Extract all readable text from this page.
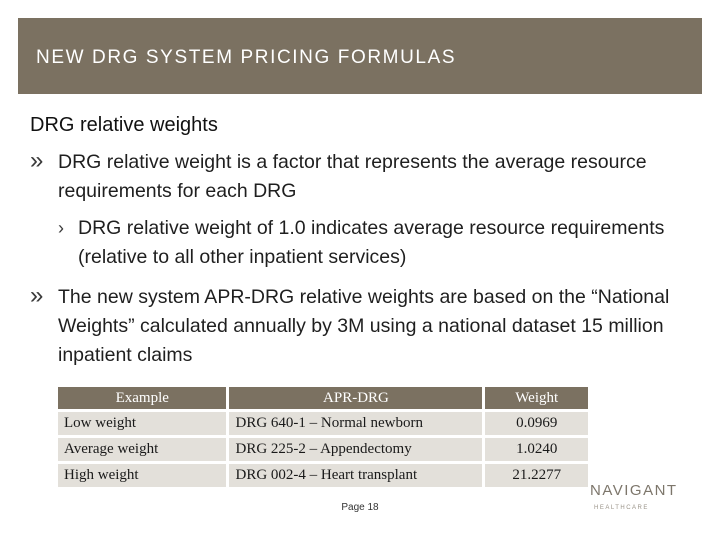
NEW DRG SYSTEM PRICING FORMULAS
DRG relative weights
» DRG relative weight is a factor that represents the average resource requirements for each DRG
› DRG relative weight of 1.0 indicates average resource requirements (relative to all other inpatient services)
» The new system APR-DRG relative weights are based on the “National Weights” calculated annually by 3M using a national dataset 15 million inpatient claims
Example	APR-DRG	Weight
Low weight	DRG 640-1 – Normal newborn	0.0969
Average weight	DRG 225-2 – Appendectomy	1.0240
High weight	DRG 002-4 – Heart transplant	21.2277
Page 18
NAVIGANT
HEALTHCARE
